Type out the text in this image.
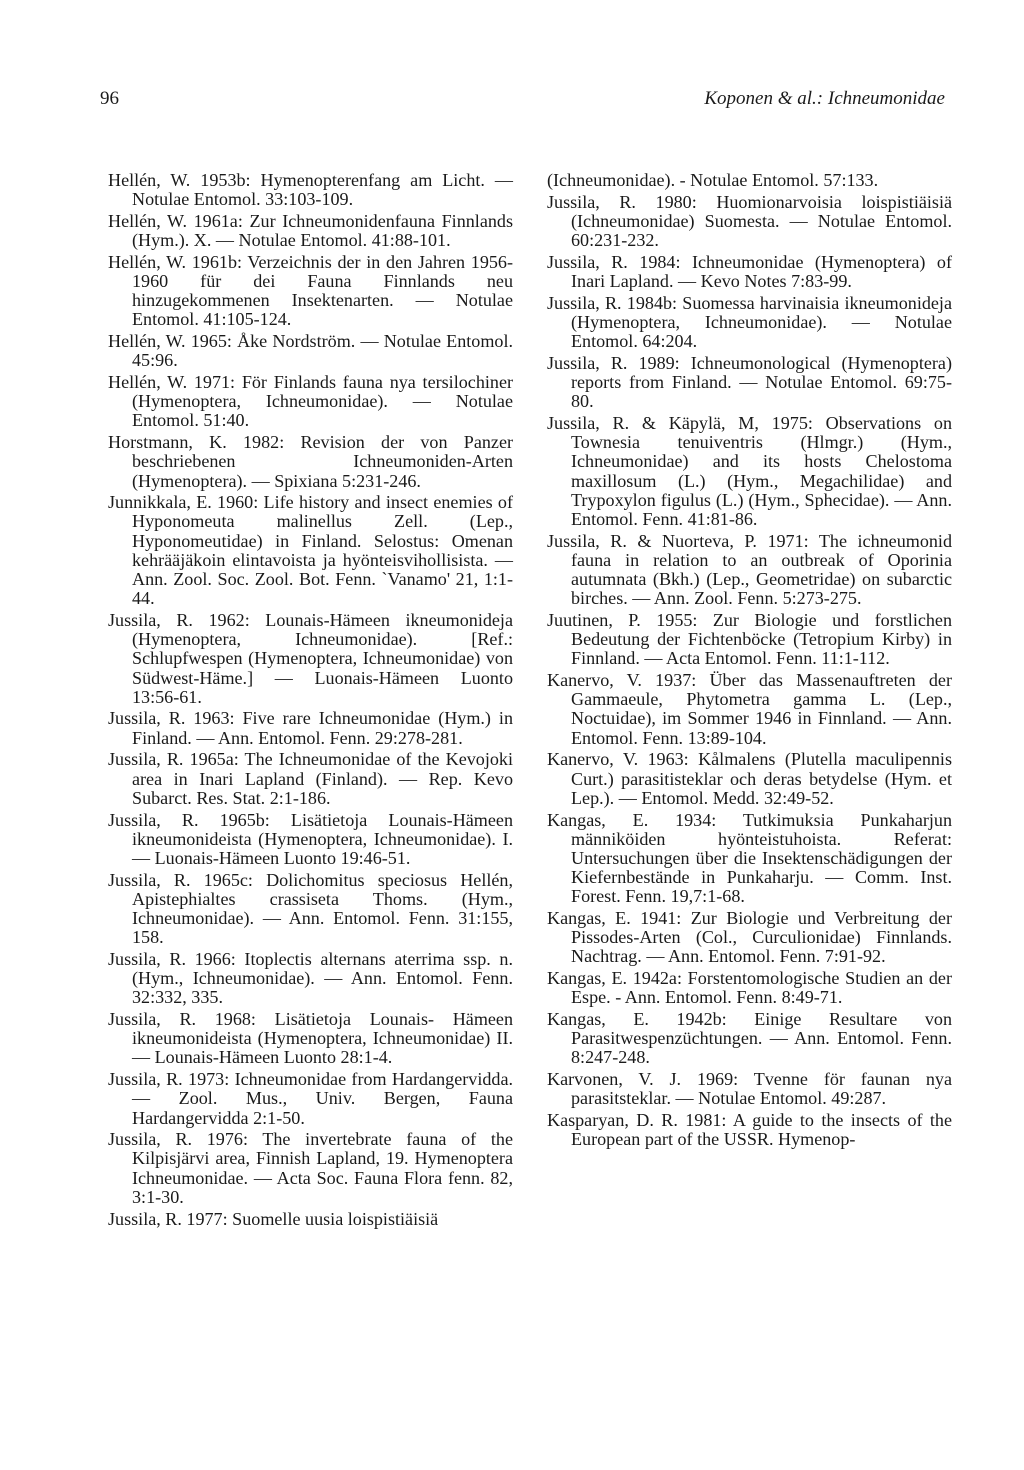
96	Koponen & al.: Ichneumonidae

Hellén, W. 1953b: Hymenopterenfang am Licht. — Notulae Entomol. 33:103-109.

Hellén, W. 1961a: Zur Ichneumonidenfauna Finnlands (Hym.). X. — Notulae Entomol. 41:88-101.

Hellén, W. 1961b: Verzeichnis der in den Jahren 1956-1960 für dei Fauna Finnlands neu hinzugekommenen Insektenarten. — Notulae Entomol. 41:105-124.

Hellén, W. 1965: Åke Nordström. — Notulae Entomol. 45:96.

Hellén, W. 1971: För Finlands fauna nya tersilochiner (Hymenoptera, Ichneumonidae). — Notulae Entomol. 51:40.

Horstmann, K. 1982: Revision der von Panzer beschriebenen Ichneumoniden-Arten (Hymenoptera). — Spixiana 5:231-246.

Junnikkala, E. 1960: Life history and insect enemies of Hyponomeuta malinellus Zell. (Lep., Hyponomeutidae) in Finland. Selostus: Omenan kehrääjäkoin elintavoista ja hyönteisvihollisista. — Ann. Zool. Soc. Zool. Bot. Fenn. `Vanamo' 21, 1:1-44.

Jussila, R. 1962: Lounais-Hämeen ikneumonideja (Hymenoptera, Ichneumonidae). [Ref.: Schlupfwespen (Hymenoptera, Ichneumonidae) von Südwest-Häme.] — Luonais-Hämeen Luonto 13:56-61.

Jussila, R. 1963: Five rare Ichneumonidae (Hym.) in Finland. — Ann. Entomol. Fenn. 29:278-281.

Jussila, R. 1965a: The Ichneumonidae of the Kevojoki area in Inari Lapland (Finland). — Rep. Kevo Subarct. Res. Stat. 2:1-186.

Jussila, R. 1965b: Lisätietoja Lounais-Hämeen ikneumonideista (Hymenoptera, Ichneumonidae). I. — Luonais-Hämeen Luonto 19:46-51.

Jussila, R. 1965c: Dolichomitus speciosus Hellén, Apistephialtes crassiseta Thoms. (Hym., Ichneumonidae). — Ann. Entomol. Fenn. 31:155, 158.

Jussila, R. 1966: Itoplectis alternans aterrima ssp. n. (Hym., Ichneumonidae). — Ann. Entomol. Fenn. 32:332, 335.

Jussila, R. 1968: Lisätietoja Lounais- Hämeen ikneumonideista (Hymenoptera, Ichneumonidae) II. — Lounais-Hämeen Luonto 28:1-4.

Jussila, R. 1973: Ichneumonidae from Hardangervidda. — Zool. Mus., Univ. Bergen, Fauna Hardangervidda 2:1-50.

Jussila, R. 1976: The invertebrate fauna of the Kilpisjärvi area, Finnish Lapland, 19. Hymenoptera Ichneumonidae. — Acta Soc. Fauna Flora fenn. 82, 3:1-30.

Jussila, R. 1977: Suomelle uusia loispistiäisiä

(Ichneumonidae). - Notulae Entomol. 57:133.

Jussila, R. 1980: Huomionarvoisia loispistiäisiä (Ichneumonidae) Suomesta. — Notulae Entomol. 60:231-232.

Jussila, R. 1984: Ichneumonidae (Hymenoptera) of Inari Lapland. — Kevo Notes 7:83-99.

Jussila, R. 1984b: Suomessa harvinaisia ikneumonideja (Hymenoptera, Ichneumonidae). — Notulae Entomol. 64:204.

Jussila, R. 1989: Ichneumonological (Hymenoptera) reports from Finland. — Notulae Entomol. 69:75-80.

Jussila, R. & Käpylä, M, 1975: Observations on Townesia tenuiventris (Hlmgr.) (Hym., Ichneumonidae) and its hosts Chelostoma maxillosum (L.) (Hym., Megachilidae) and Trypoxylon figulus (L.) (Hym., Sphecidae). — Ann. Entomol. Fenn. 41:81-86.

Jussila, R. & Nuorteva, P. 1971: The ichneumonid fauna in relation to an outbreak of Oporinia autumnata (Bkh.) (Lep., Geometridae) on subarctic birches. — Ann. Zool. Fenn. 5:273-275.

Juutinen, P. 1955: Zur Biologie und forstlichen Bedeutung der Fichtenböcke (Tetropium Kirby) in Finnland. — Acta Entomol. Fenn. 11:1-112.

Kanervo, V. 1937: Über das Massenauftreten der Gammaeule, Phytometra gamma L. (Lep., Noctuidae), im Sommer 1946 in Finnland. — Ann. Entomol. Fenn. 13:89-104.

Kanervo, V. 1963: Kålmalens (Plutella maculipennis Curt.) parasitisteklar och deras betydelse (Hym. et Lep.). — Entomol. Medd. 32:49-52.

Kangas, E. 1934: Tutkimuksia Punkaharjun männiköiden hyönteistuhoista. Referat: Untersuchungen über die Insektenschädigungen der Kiefernbestände in Punkaharju. — Comm. Inst. Forest. Fenn. 19,7:1-68.

Kangas, E. 1941: Zur Biologie und Verbreitung der Pissodes-Arten (Col., Curculionidae) Finnlands. Nachtrag. — Ann. Entomol. Fenn. 7:91-92.

Kangas, E. 1942a: Forstentomologische Studien an der Espe. - Ann. Entomol. Fenn. 8:49-71.

Kangas, E. 1942b: Einige Resultare von Parasitwespenzüchtungen. — Ann. Entomol. Fenn. 8:247-248.

Karvonen, V. J. 1969: Tvenne för faunan nya parasitsteklar. — Notulae Entomol. 49:287.

Kasparyan, D. R. 1981: A guide to the insects of the European part of the USSR. Hymenop-
